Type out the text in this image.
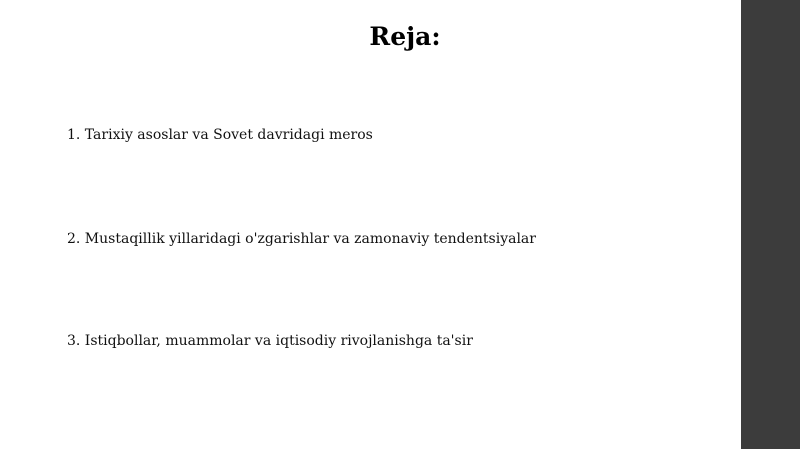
Reja:
1. Tarixiy asoslar va Sovet davridagi meros
2. Mustaqillik yillaridagi o'zgarishlar va zamonaviy tendentsiyalar
3. Istiqbollar, muammolar va iqtisodiy rivojlanishga ta'sir
